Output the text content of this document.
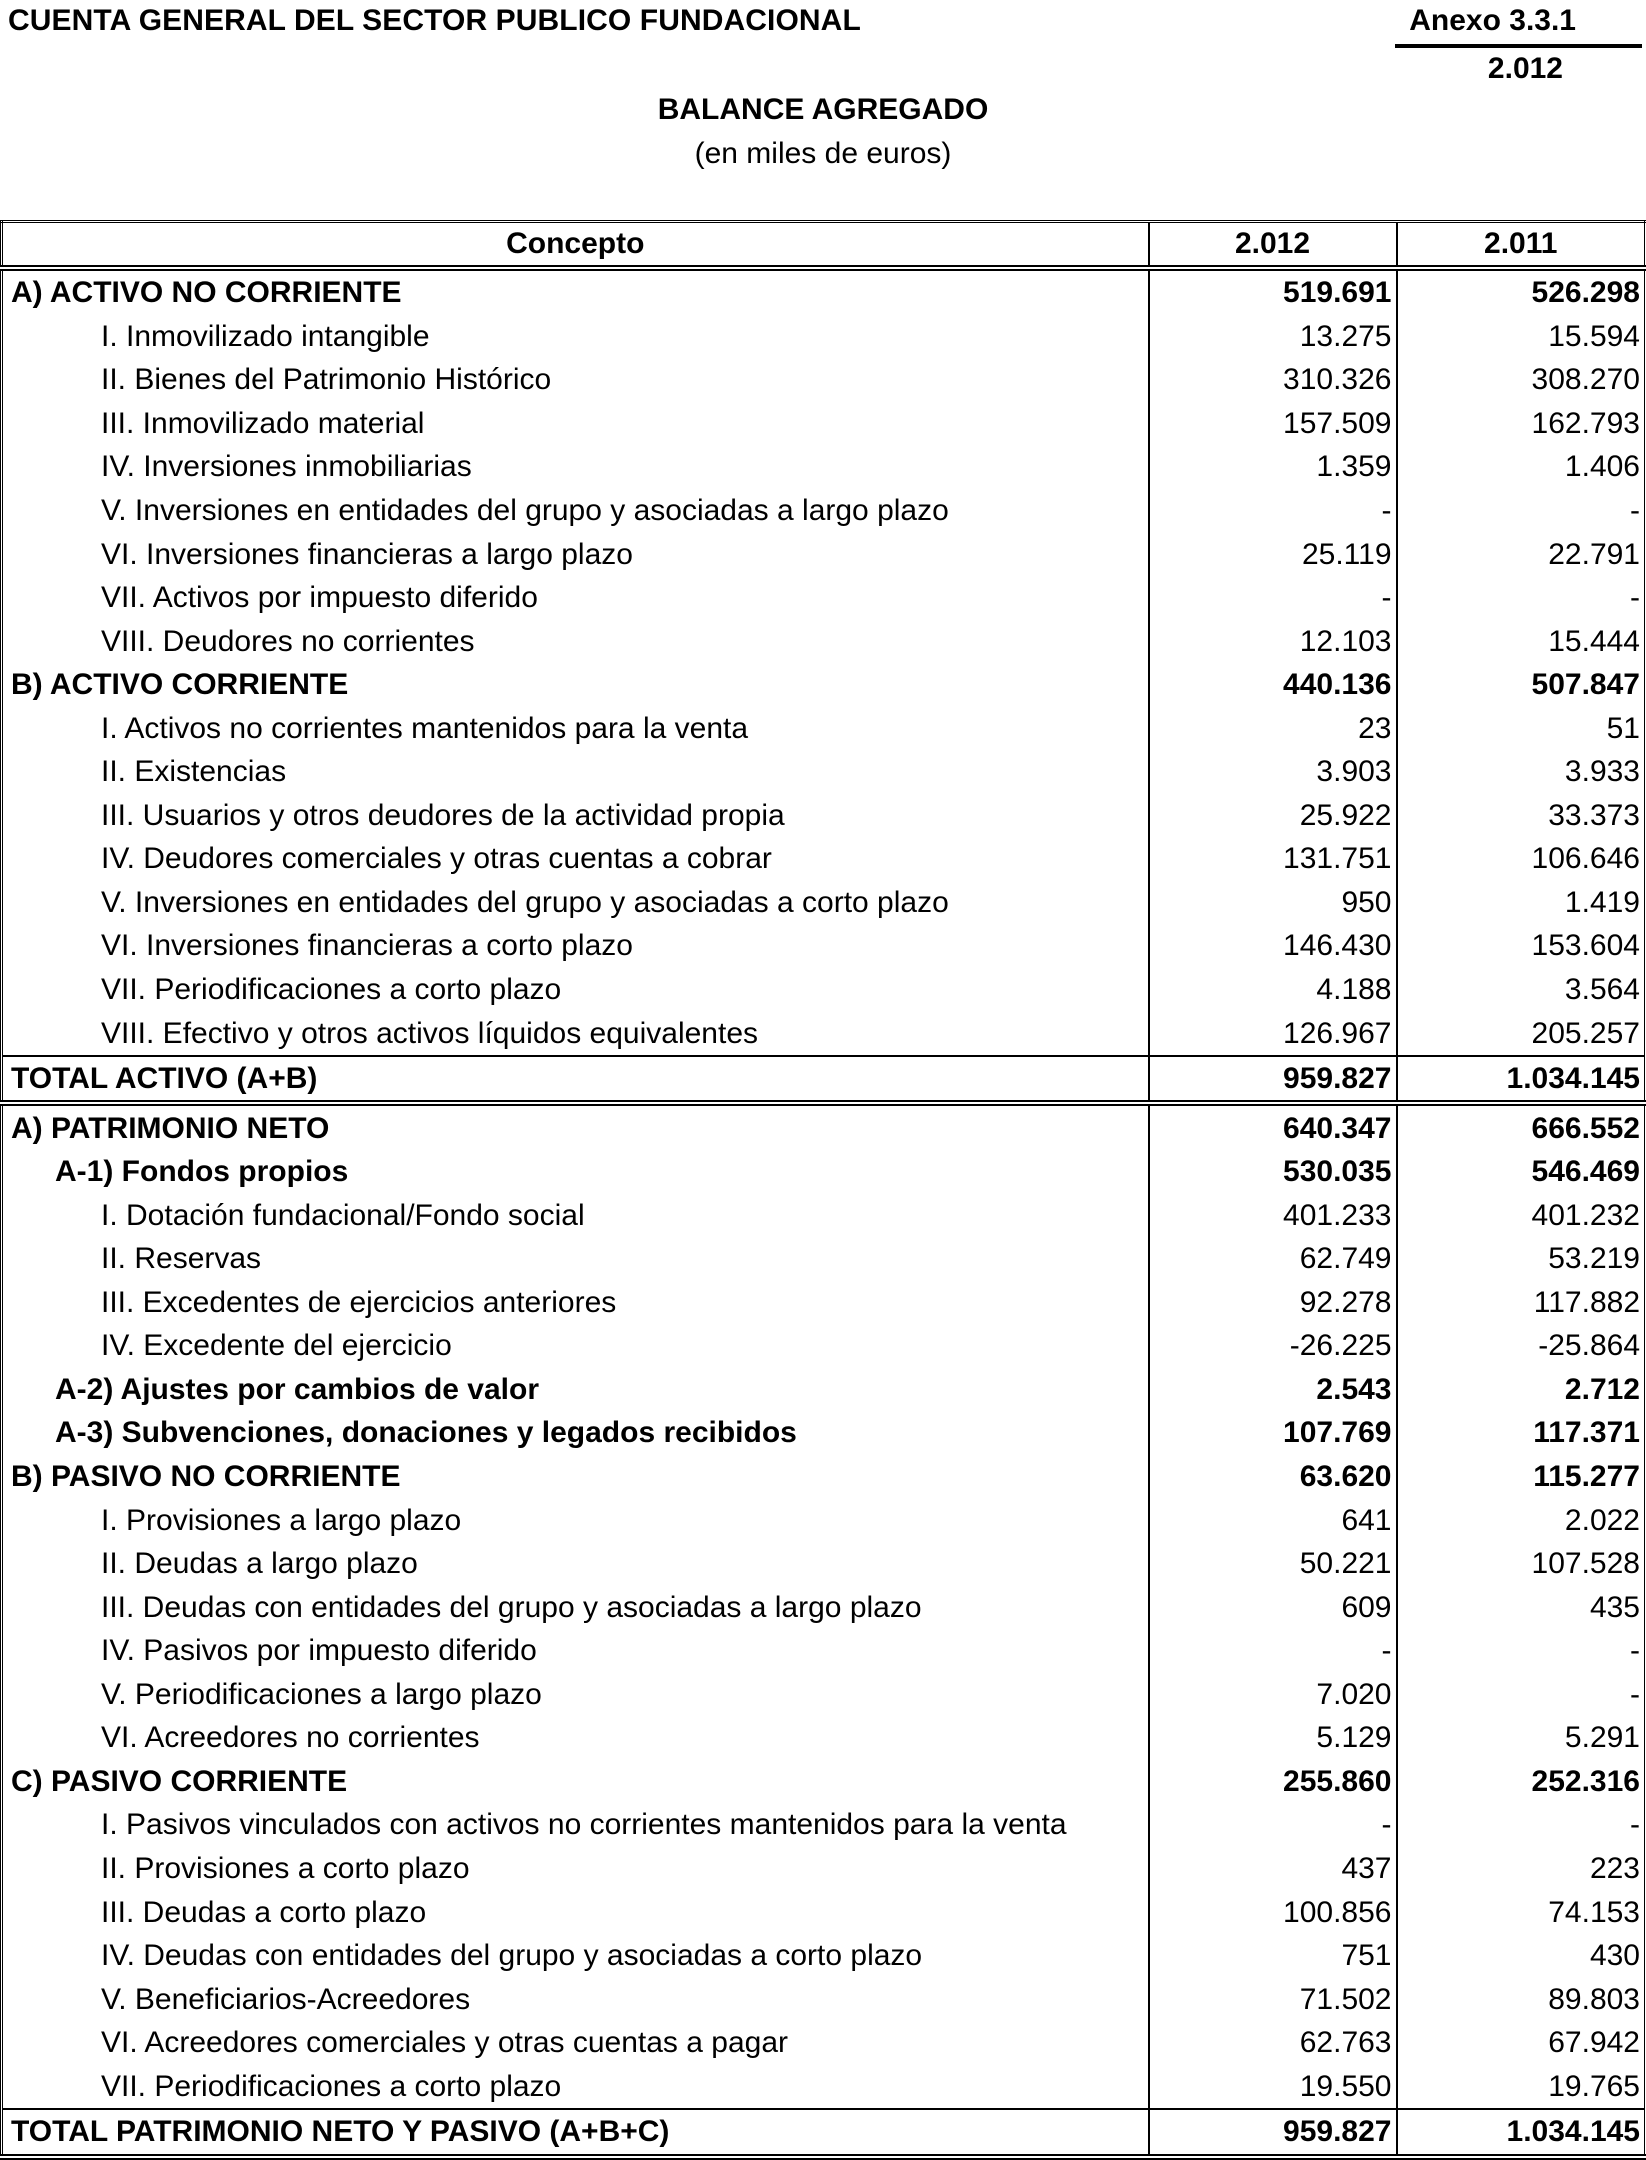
CUENTA GENERAL DEL SECTOR PUBLICO FUNDACIONAL	Anexo 3.3.1
2.012
BALANCE AGREGADO
(en miles de euros)
Concepto	2.012	2.011
A) ACTIVO NO CORRIENTE	519.691	526.298
I. Inmovilizado intangible	13.275	15.594
II. Bienes del Patrimonio Histórico	310.326	308.270
III. Inmovilizado material	157.509	162.793
IV. Inversiones inmobiliarias	1.359	1.406
V. Inversiones en entidades del grupo y asociadas a largo plazo	-	-
VI. Inversiones financieras a largo plazo	25.119	22.791
VII. Activos por impuesto diferido	-	-
VIII. Deudores no corrientes	12.103	15.444
B) ACTIVO CORRIENTE	440.136	507.847
I. Activos no corrientes mantenidos para la venta	23	51
II. Existencias	3.903	3.933
III. Usuarios y otros deudores de la actividad propia	25.922	33.373
IV. Deudores comerciales y otras cuentas a cobrar	131.751	106.646
V. Inversiones en entidades del grupo y asociadas a corto plazo	950	1.419
VI. Inversiones financieras a corto plazo	146.430	153.604
VII. Periodificaciones a corto plazo	4.188	3.564
VIII. Efectivo y otros activos líquidos equivalentes	126.967	205.257
TOTAL ACTIVO (A+B)	959.827	1.034.145
A) PATRIMONIO NETO	640.347	666.552
A-1) Fondos propios	530.035	546.469
I. Dotación fundacional/Fondo social	401.233	401.232
II. Reservas	62.749	53.219
III. Excedentes de ejercicios anteriores	92.278	117.882
IV. Excedente del ejercicio	-26.225	-25.864
A-2) Ajustes por cambios de valor	2.543	2.712
A-3) Subvenciones, donaciones y legados recibidos	107.769	117.371
B) PASIVO NO CORRIENTE	63.620	115.277
I. Provisiones a largo plazo	641	2.022
II. Deudas a largo plazo	50.221	107.528
III. Deudas con entidades del grupo y asociadas a largo plazo	609	435
IV. Pasivos por impuesto diferido	-	-
V. Periodificaciones a largo plazo	7.020	-
VI. Acreedores no corrientes	5.129	5.291
C) PASIVO CORRIENTE	255.860	252.316
I. Pasivos vinculados con activos no corrientes mantenidos para la venta	-	-
II. Provisiones a corto plazo	437	223
III. Deudas a corto plazo	100.856	74.153
IV. Deudas con entidades del grupo y asociadas a corto plazo	751	430
V. Beneficiarios-Acreedores	71.502	89.803
VI. Acreedores comerciales y otras cuentas a pagar	62.763	67.942
VII. Periodificaciones a corto plazo	19.550	19.765
TOTAL PATRIMONIO NETO Y PASIVO (A+B+C)	959.827	1.034.145
